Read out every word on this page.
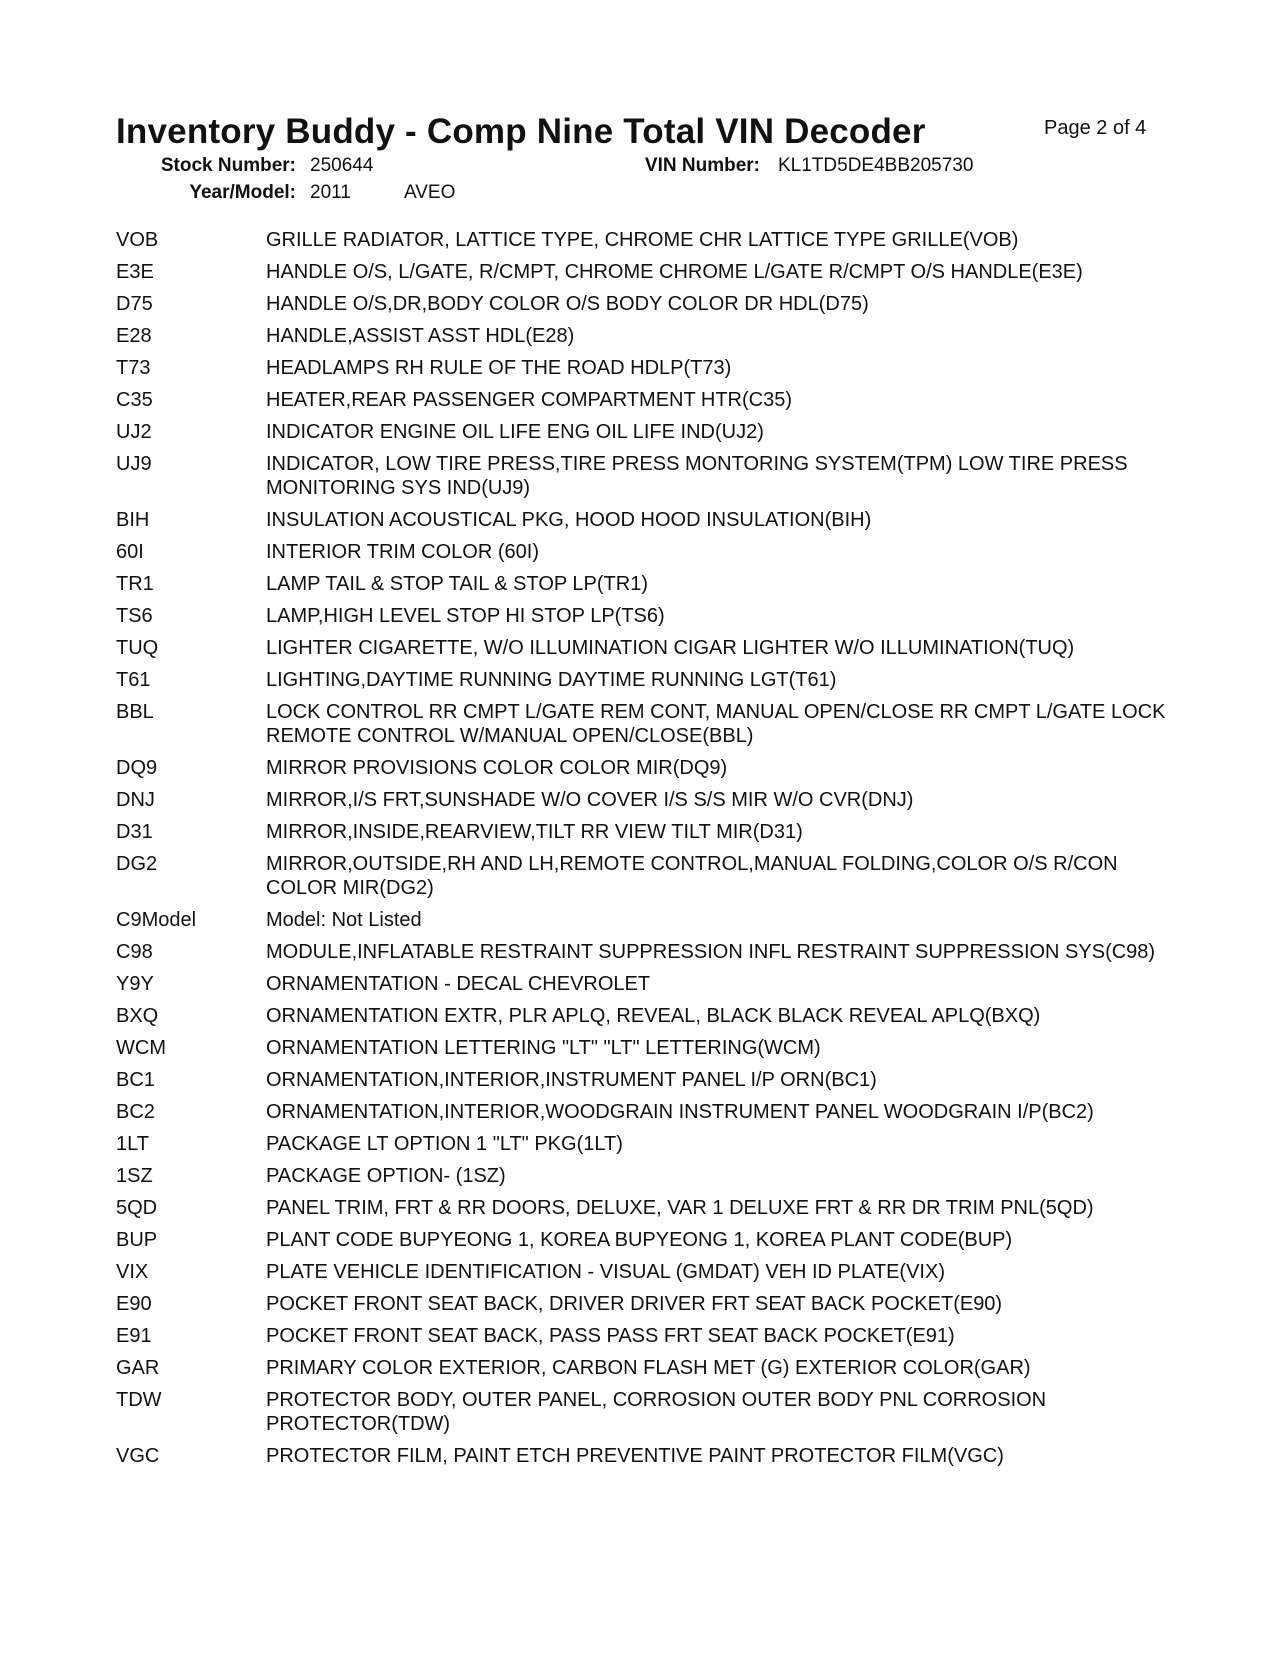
Inventory Buddy - Comp Nine Total VIN Decoder	Page 2 of 4
Stock Number: 250644	VIN Number: KL1TD5DE4BB205730
Year/Model: 2011	AVEO
VOB	GRILLE RADIATOR, LATTICE TYPE, CHROME CHR LATTICE TYPE GRILLE(VOB)
E3E	HANDLE O/S, L/GATE, R/CMPT, CHROME CHROME L/GATE R/CMPT O/S HANDLE(E3E)
D75	HANDLE O/S,DR,BODY COLOR O/S BODY COLOR DR HDL(D75)
E28	HANDLE,ASSIST ASST HDL(E28)
T73	HEADLAMPS RH RULE OF THE ROAD HDLP(T73)
C35	HEATER,REAR PASSENGER COMPARTMENT HTR(C35)
UJ2	INDICATOR ENGINE OIL LIFE ENG OIL LIFE IND(UJ2)
UJ9	INDICATOR, LOW TIRE PRESS,TIRE PRESS MONTORING SYSTEM(TPM) LOW TIRE PRESS MONITORING SYS IND(UJ9)
BIH	INSULATION ACOUSTICAL PKG, HOOD HOOD INSULATION(BIH)
60I	INTERIOR TRIM COLOR (60I)
TR1	LAMP TAIL & STOP TAIL & STOP LP(TR1)
TS6	LAMP,HIGH LEVEL STOP HI STOP LP(TS6)
TUQ	LIGHTER CIGARETTE, W/O ILLUMINATION CIGAR LIGHTER W/O ILLUMINATION(TUQ)
T61	LIGHTING,DAYTIME RUNNING DAYTIME RUNNING LGT(T61)
BBL	LOCK CONTROL RR CMPT L/GATE REM CONT, MANUAL OPEN/CLOSE RR CMPT L/GATE LOCK REMOTE CONTROL W/MANUAL OPEN/CLOSE(BBL)
DQ9	MIRROR PROVISIONS COLOR COLOR MIR(DQ9)
DNJ	MIRROR,I/S FRT,SUNSHADE W/O COVER I/S S/S MIR W/O CVR(DNJ)
D31	MIRROR,INSIDE,REARVIEW,TILT RR VIEW TILT MIR(D31)
DG2	MIRROR,OUTSIDE,RH AND LH,REMOTE CONTROL,MANUAL FOLDING,COLOR O/S R/CON COLOR MIR(DG2)
C9Model	Model: Not Listed
C98	MODULE,INFLATABLE RESTRAINT SUPPRESSION INFL RESTRAINT SUPPRESSION SYS(C98)
Y9Y	ORNAMENTATION - DECAL CHEVROLET
BXQ	ORNAMENTATION EXTR, PLR APLQ, REVEAL, BLACK BLACK REVEAL APLQ(BXQ)
WCM	ORNAMENTATION LETTERING "LT" "LT" LETTERING(WCM)
BC1	ORNAMENTATION,INTERIOR,INSTRUMENT PANEL I/P ORN(BC1)
BC2	ORNAMENTATION,INTERIOR,WOODGRAIN INSTRUMENT PANEL WOODGRAIN I/P(BC2)
1LT	PACKAGE LT OPTION 1 "LT" PKG(1LT)
1SZ	PACKAGE OPTION- (1SZ)
5QD	PANEL TRIM, FRT & RR DOORS, DELUXE, VAR 1 DELUXE FRT & RR DR TRIM PNL(5QD)
BUP	PLANT CODE BUPYEONG 1, KOREA BUPYEONG 1, KOREA PLANT CODE(BUP)
VIX	PLATE VEHICLE IDENTIFICATION - VISUAL (GMDAT) VEH ID PLATE(VIX)
E90	POCKET FRONT SEAT BACK, DRIVER DRIVER FRT SEAT BACK POCKET(E90)
E91	POCKET FRONT SEAT BACK, PASS PASS FRT SEAT BACK POCKET(E91)
GAR	PRIMARY COLOR EXTERIOR, CARBON FLASH MET (G) EXTERIOR COLOR(GAR)
TDW	PROTECTOR BODY, OUTER PANEL, CORROSION OUTER BODY PNL CORROSION PROTECTOR(TDW)
VGC	PROTECTOR FILM, PAINT ETCH PREVENTIVE PAINT PROTECTOR FILM(VGC)
